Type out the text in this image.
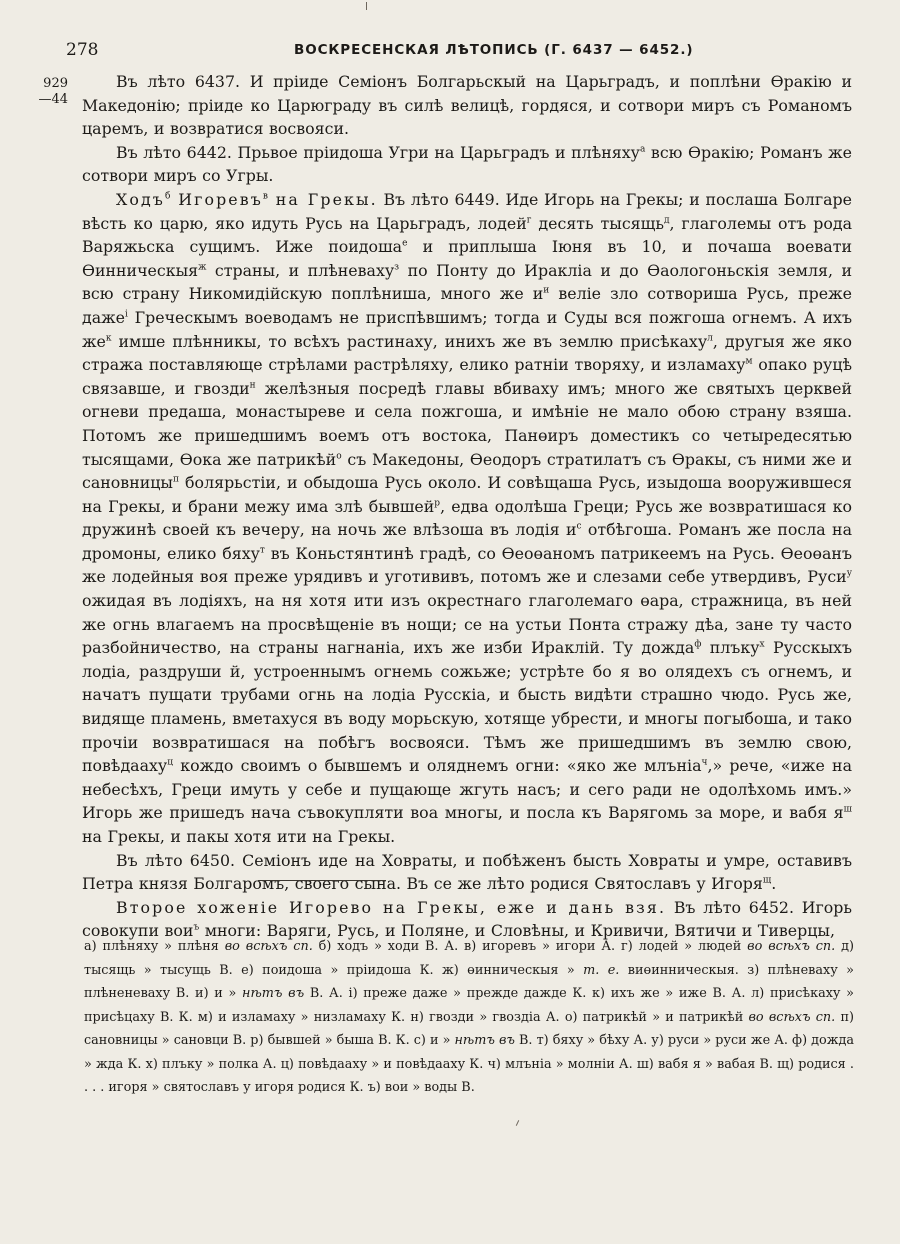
278	ВОСКРЕСЕНСКАЯ ЛѢТОПИСЬ (Г. 6437 — 6452.)
929
—44

Въ лѣто 6437. И прiиде Семiонъ Болгарьскый на Царьградъ, и поплѣни Өракiю и Македонiю; прiиде ко Царюграду въ силѣ велицѣ, гордяся, и сотвори миръ съ Романомъ царемъ, и возвратися восвояси.

Въ лѣто 6442. Прьвое прiидоша Угри на Царьградъ и плѣняху$^а$ всю Өракiю; Романъ же сотвори миръ со Угры.

Ходъ$^б$ Игоревъ$^в$ на Грекы. Въ лѣто 6449. Иде Игорь на Грекы; и послаша Болгаре вѣсть ко царю, яко идуть Русь на Царьградъ, лодей$^г$ десять тысящь$^д$, глаголемы отъ рода Варяжьска сущимъ. Иже поидоша$^е$ и приплыша Iюня въ 10, и почаша воевати Өинническыя$^ж$ страны, и плѣневаху$^з$ по Понту до Ираклiа и до Өаологоньскiя земля, и всю страну Никомидiйскую поплѣниша, много же $и^и$ велiе зло сотвориша Русь, преже даже$^i$ Греческымъ воеводамъ не приспѣвшимъ; тогда и Суды вся пожгоша огнемъ. А ихъ $же^к$ имше плѣнникы, то всѣхъ растинаху, инихъ же въ землю присѣкаху$^л$, другыя же яко стража поставляюще стрѣлами растрѣляху, елико ратнiи творяху, и изламаху$^м$ опако руцѣ связавше, и гвозди$^н$ желѣзныя посредѣ главы вбиваху имъ; много же святыхъ церквей огневи предаша, монастыреве и села пожгоша, и имѣнiе не мало обою страну взяша. Потомъ же пришедшимъ воемъ отъ востока, Панөиръ доместикъ со четыредесятью тысящами, Өока же патрикѣй$^о$ съ Македоны, Өеодоръ стратилатъ съ Өракы, съ ними же и сановницы$^п$ болярьстiи, и обыдоша Русь около. И совѣщаша Русь, изыдоша вооружившеся на Грекы, и брани межу има злѣ бывшей$^р$, едва одолѣша Греци; Русь же возвратишася ко дружинѣ своей къ вечеру, на ночь же влѣзоша въ лодiя $и^с$ отбѣгоша. Романъ же посла на дромоны, елико бяху$^т$ въ Коньстянтинѣ градѣ, со Өеоөаномъ патрикеемъ на Русь. Өеоөанъ же лодейныя воя преже урядивъ и уготививъ, потомъ же и слезами себе утвердивъ, Руси$^у$ ожидая въ лодiяхъ, на ня хотя ити изъ окрестнаго глаголемаго өара, стражница, въ ней же огнь влагаемъ на просвѣщенiе въ нощи; се на устьи Понта стражу дѣа, зане ту часто разбойничество, на страны нагнанiа, ихъ же изби Ираклiй. Ту дожда$^ф$ плъку$^х$ Русскыхъ лодiа, раздруши й, устроеннымъ огнемь сожьже; устрѣте бо я во олядехъ съ огнемъ, и начатъ пущати трубами огнь на лодiа Русскiа, и бысть видѣти страшно чюдо. Русь же, видяще пламень, вметахуся въ воду морьскую, хотяще убрести, и многы погыбоша, и тако прочiи возвратишася на побѣгъ восвояси. Тѣмъ же пришедшимъ въ землю свою, повѣдааху$^ц$ кождо своимъ о бывшемъ и оляднемъ огни: «яко же млънiа$^ч$,» рече, «иже на небесѣхъ, Греци имуть у себе и пущающе жгуть насъ; и сего ради не одолѣхомь имъ.» Игорь же пришедъ нача съвокупляти воа многы, и посла къ Варягомь за море, и вабя $я^ш$ на Грекы, и пакы хотя ити на Грекы.

Въ лѣто 6450. Семiонъ иде на Ховраты, и побѣженъ бысть Ховраты и умре, оставивъ Петра князя Болгаромъ, своего сына. Въ се же лѣто родися Святославъ у Игоря$^щ$.

Второе хоженiе Игорево на Грекы, еже и дань взя. Въ лѣто 6452. Игорь совокупи вои$^ъ$ многи: Варяги, Русь, и Поляне, и Словѣны, и Кривичи, Вятичи и Тиверцы,

а) плѣняху » плѣня во всѣхъ сп. б) ходъ » ходи В. А. в) игоревъ » игори А. г) лодей » людей во всѣхъ сп. д) тысящь » тысущь В. е) поидоша » прiидоша К. ж) өинническыя » т. е. виөинническыя. з) плѣневаху » плѣненеваху В. и) и » нѣтъ въ В. А. i) преже даже » прежде дажде К. к) ихъ же » иже В. А. л) присѣкаху » присѣцаху В. К. м) и изламаху » низламаху К. н) гвозди » гвоздiа А. о) патрикѣй » и патрикѣй во всѣхъ сп. п) сановницы » сановци В. р) бывшей » быша В. К. с) и » нѣтъ въ В. т) бяху » бѣху А. у) руси » руси же А. ф) дожда » жда К. х) плъку » полка А. ц) повѣдааху » и повѣдааху К. ч) млънiа » молнiи А. ш) вабя я » вабая В. щ) родися . . . . игоря » святославъ у игоря родися К. ъ) вои » воды В.
